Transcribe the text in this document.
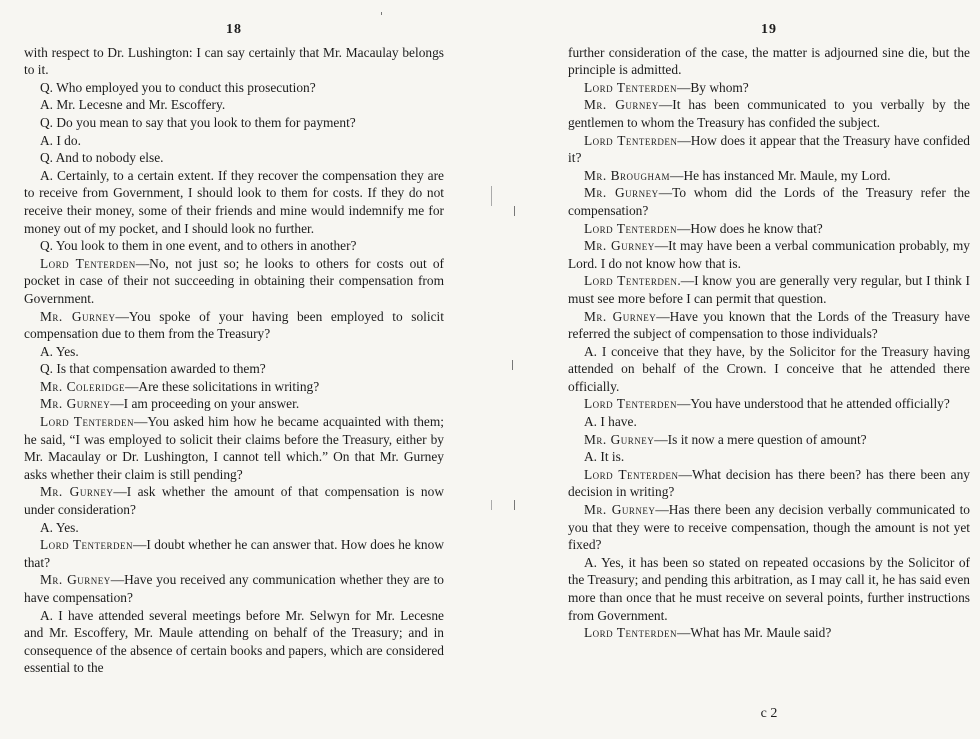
18

with respect to Dr. Lushington: I can say certainly that Mr. Macaulay belongs to it.

Q. Who employed you to conduct this prosecution?

A. Mr. Lecesne and Mr. Escoffery.

Q. Do you mean to say that you look to them for payment?

A. I do.

Q. And to nobody else.

A. Certainly, to a certain extent. If they recover the compensation they are to receive from Government, I should look to them for costs. If they do not receive their money, some of their friends and mine would indemnify me for money out of my pocket, and I should look no further.

Q. You look to them in one event, and to others in another?

Lord Tenterden—No, not just so; he looks to others for costs out of pocket in case of their not succeeding in obtaining their compensation from Government.

Mr. Gurney—You spoke of your having been employed to solicit compensation due to them from the Treasury?

A. Yes.

Q. Is that compensation awarded to them?

Mr. Coleridge—Are these solicitations in writing?

Mr. Gurney—I am proceeding on your answer.

Lord Tenterden—You asked him how he became acquainted with them; he said, “I was employed to solicit their claims before the Treasury, either by Mr. Macaulay or Dr. Lushington, I cannot tell which.” On that Mr. Gurney asks whether their claim is still pending?

Mr. Gurney—I ask whether the amount of that compensation is now under consideration?

A. Yes.

Lord Tenterden—I doubt whether he can answer that. How does he know that?

Mr. Gurney—Have you received any communication whether they are to have compensation?

A. I have attended several meetings before Mr. Selwyn for Mr. Lecesne and Mr. Escoffery, Mr. Maule attending on behalf of the Treasury; and in consequence of the absence of certain books and papers, which are considered essential to the

19

further consideration of the case, the matter is adjourned sine die, but the principle is admitted.

Lord Tenterden—By whom?

Mr. Gurney—It has been communicated to you verbally by the gentlemen to whom the Treasury has confided the subject.

Lord Tenterden—How does it appear that the Treasury have confided it?

Mr. Brougham—He has instanced Mr. Maule, my Lord.

Mr. Gurney—To whom did the Lords of the Treasury refer the compensation?

Lord Tenterden—How does he know that?

Mr. Gurney—It may have been a verbal communication probably, my Lord. I do not know how that is.

Lord Tenterden.—I know you are generally very regular, but I think I must see more before I can permit that question.

Mr. Gurney—Have you known that the Lords of the Treasury have referred the subject of compensation to those individuals?

A. I conceive that they have, by the Solicitor for the Treasury having attended on behalf of the Crown. I conceive that he attended there officially.

Lord Tenterden—You have understood that he attended officially?

A. I have.

Mr. Gurney—Is it now a mere question of amount?

A. It is.

Lord Tenterden—What decision has there been? has there been any decision in writing?

Mr. Gurney—Has there been any decision verbally communicated to you that they were to receive compensation, though the amount is not yet fixed?

A. Yes, it has been so stated on repeated occasions by the Solicitor of the Treasury; and pending this arbitration, as I may call it, he has said even more than once that he must receive on several points, further instructions from Government.

Lord Tenterden—What has Mr. Maule said?

c 2
